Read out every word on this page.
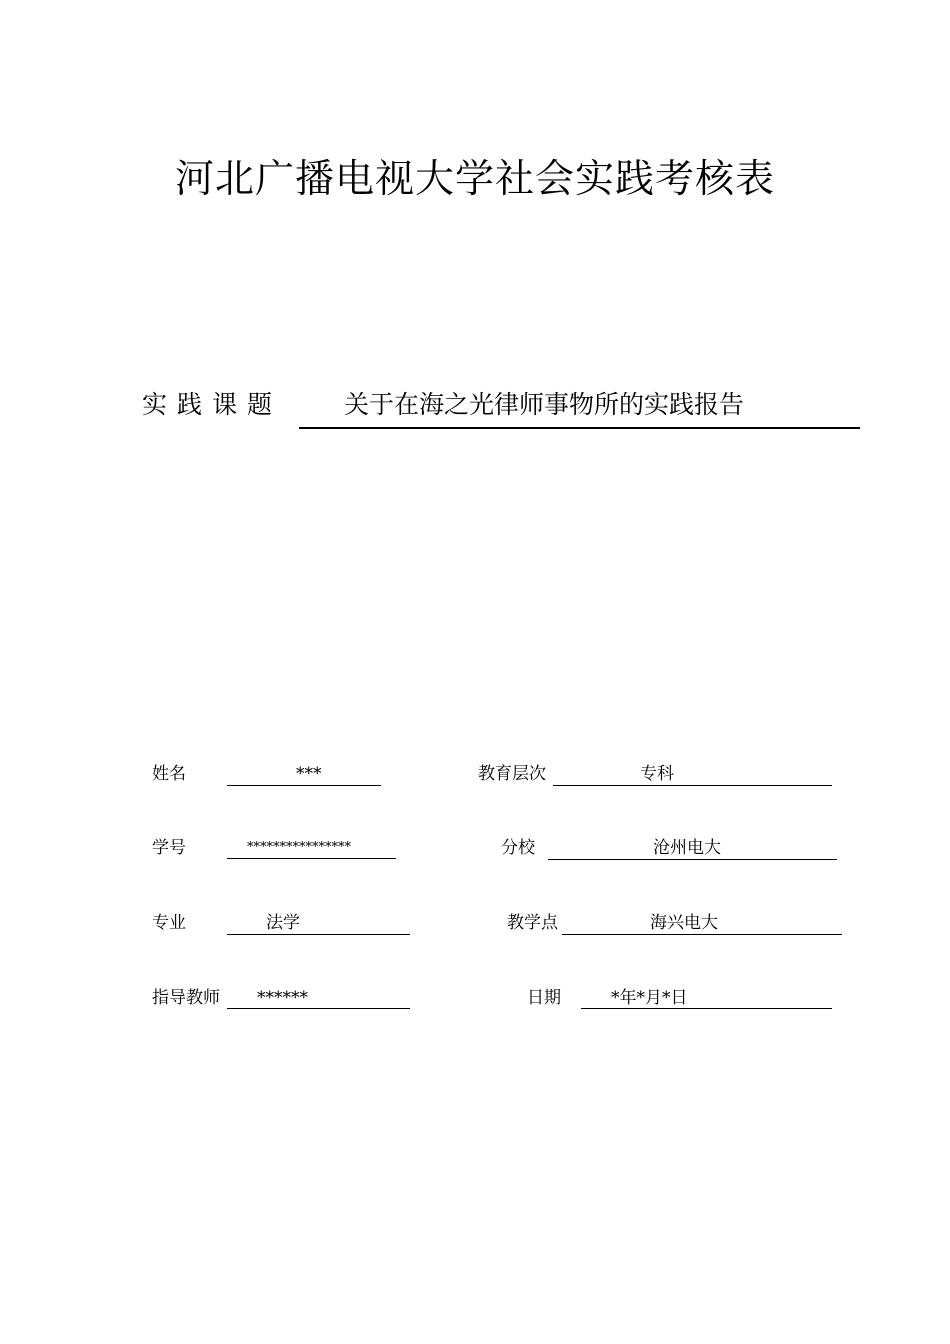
河北广播电视大学社会实践考核表
实践课题 关于在海之光律师事物所的实践报告
姓名	***	教育层次	专科
学号	****************	分校	沧州电大
专业	法学	教学点	海兴电大
指导教师 ******	日期	*年*月*日
